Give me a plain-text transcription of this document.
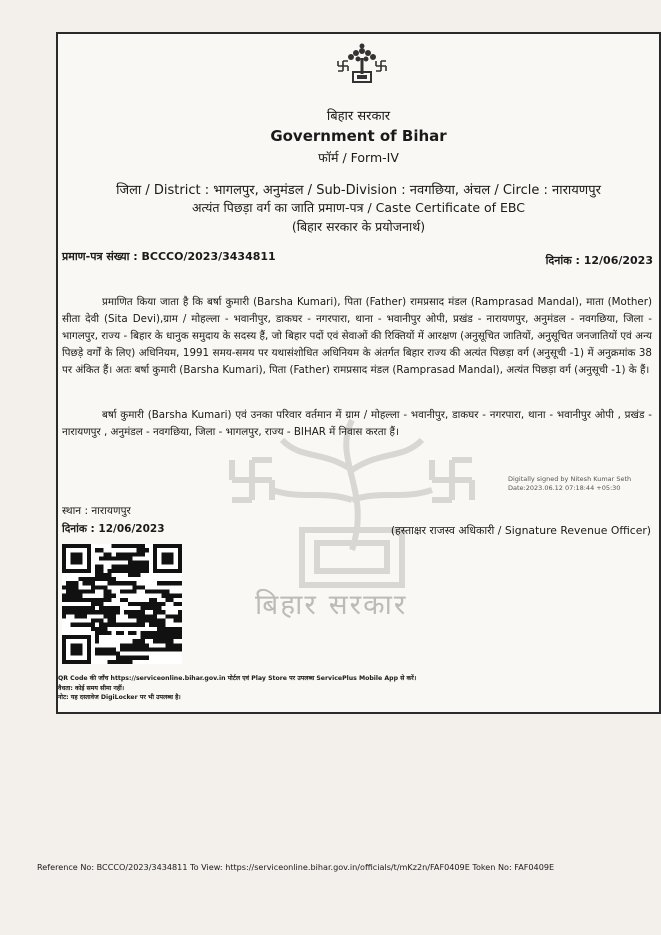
बिहार सरकार
बिहार सरकार
Government of Bihar
फॉर्म / Form-IV
जिला / District : भागलपुर, अनुमंडल / Sub-Division : नवगछिया, अंचल / Circle : नारायणपुर
अत्यंत पिछड़ा वर्ग का जाति प्रमाण-पत्र / Caste Certificate of EBC
(बिहार सरकार के प्रयोजनार्थ)
प्रमाण-पत्र संख्या : BCCCO/2023/3434811	दिनांक : 12/06/2023
प्रमाणित किया जाता है कि बर्षा कुमारी (Barsha Kumari), पिता (Father) रामप्रसाद मंडल (Ramprasad Mandal), माता (Mother) सीता देवी (Sita Devi),ग्राम / मोहल्ला - भवानीपुर, डाकघर - नगरपारा, थाना - भवानीपुर ओपी, प्रखंड - नारायणपुर, अनुमंडल - नवगछिया, जिला - भागलपुर, राज्य - बिहार के धानुक समुदाय के सदस्य हैं, जो बिहार पदों एवं सेवाओं की रिक्तियों में आरक्षण (अनुसूचित जातियों, अनुसूचित जनजातियों एवं अन्य पिछड़े वर्गों के लिए) अधिनियम, 1991 समय-समय पर यथासंशोधित अधिनियम के अंतर्गत बिहार राज्य की अत्यंत पिछड़ा वर्ग (अनुसूची -1) में अनुक्रमांक 38 पर अंकित हैं। अतः बर्षा कुमारी (Barsha Kumari), पिता (Father) रामप्रसाद मंडल (Ramprasad Mandal), अत्यंत पिछड़ा वर्ग (अनुसूची -1) के हैं।
बर्षा कुमारी (Barsha Kumari) एवं उनका परिवार वर्तमान में ग्राम / मोहल्ला - भवानीपुर, डाकघर - नगरपारा, थाना - भवानीपुर ओपी , प्रखंड - नारायणपुर , अनुमंडल - नवगछिया, जिला - भागलपुर, राज्य - BIHAR में निवास करता हैं।
Digitally signed by Nitesh Kumar Seth
Date:2023.06.12 07:18:44 +05:30
स्थान : नारायणपुर
दिनांक : 12/06/2023	(हस्ताक्षर राजस्व अधिकारी / Signature Revenue Officer)
QR Code की जाँच https://serviceonline.bihar.gov.in पोर्टल एवं Play Store पर उपलब्ध ServicePlus Mobile App से करें।
वैधता: कोई समय सीमा नहीं।
नोट: यह दस्तावेज DigiLocker पर भी उपलब्ध है।
Reference No: BCCCO/2023/3434811 To View: https://serviceonline.bihar.gov.in/officials/t/mKz2n/FAF0409E Token No: FAF0409E
